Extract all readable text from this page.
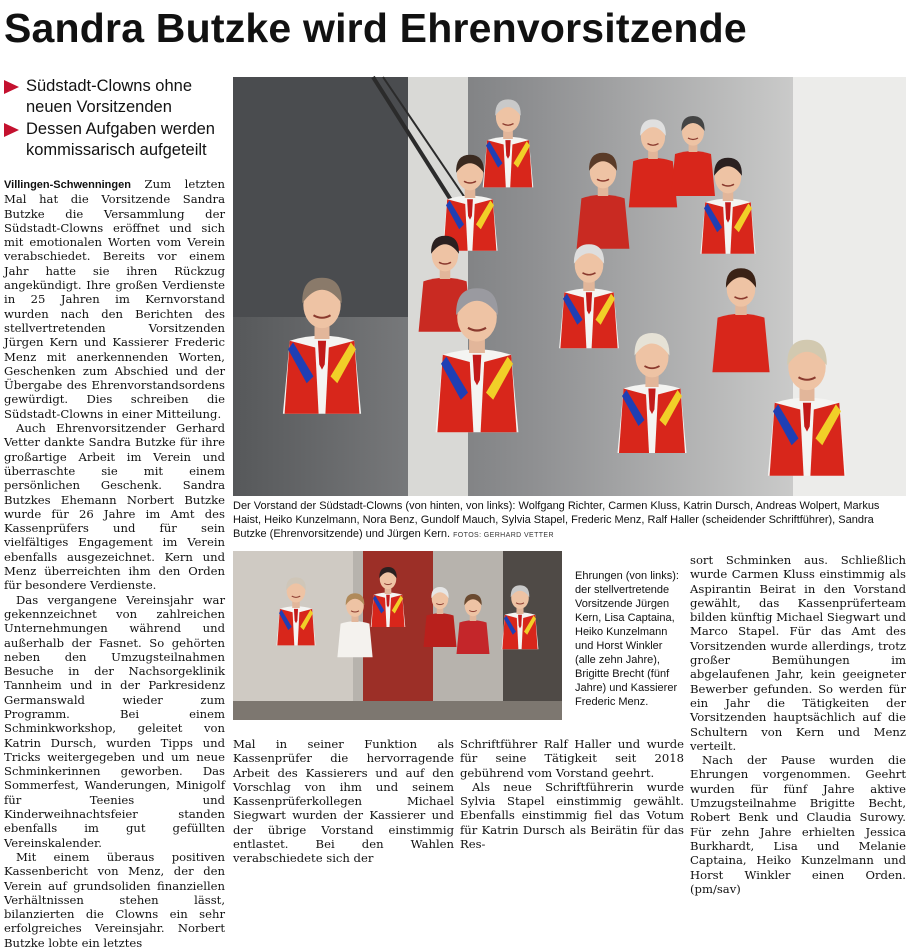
Sandra Butzke wird Ehrenvorsitzende
Südstadt-Clowns ohne neuen Vorsitzenden
Dessen Aufgaben werden kommissarisch aufgeteilt

Villingen-Schwenningen Zum letzten Mal hat die Vorsitzende Sandra Butzke die Versammlung der Südstadt-Clowns eröffnet und sich mit emotionalen Worten vom Verein verabschiedet. Bereits vor einem Jahr hatte sie ihren Rückzug angekündigt. Ihre großen Verdienste in 25 Jahren im Kernvorstand wurden nach den Berichten des stellvertretenden Vorsitzenden Jürgen Kern und Kassierer Frederic Menz mit anerkennenden Worten, Geschenken zum Abschied und der Übergabe des Ehrenvorstandsordens gewürdigt. Dies schreiben die Südstadt-Clowns in einer Mitteilung.

Auch Ehrenvorsitzender Gerhard Vetter dankte Sandra Butzke für ihre großartige Arbeit im Verein und überraschte sie mit einem persönlichen Geschenk. Sandra Butzkes Ehemann Norbert Butzke wurde für 26 Jahre im Amt des Kassenprüfers und für sein vielfältiges Engagement im Verein ebenfalls ausgezeichnet. Kern und Menz überreichten ihm den Orden für besondere Verdienste.

Das vergangene Vereinsjahr war gekennzeichnet von zahlreichen Unternehmungen während und außerhalb der Fasnet. So gehörten neben den Umzugsteilnahmen Besuche in der Nachsorgeklinik Tannheim und in der Parkresidenz Germanswald wieder zum Programm. Bei einem Schminkworkshop, geleitet von Katrin Dursch, wurden Tipps und Tricks weitergegeben und um neue Schminkerinnen geworben. Das Sommerfest, Wanderungen, Minigolf für Teenies und Kinderweihnachtsfeier standen ebenfalls im gut gefüllten Vereinskalender.

Mit einem überaus positiven Kassenbericht von Menz, der den Verein auf grundsoliden finanziellen Verhältnissen stehen lässt, bilanzierten die Clowns ein sehr erfolgreiches Vereinsjahr. Norbert Butzke lobte ein letztes

Der Vorstand der Südstadt-Clowns (von hinten, von links): Wolfgang Richter, Carmen Kluss, Katrin Dursch, Andreas Wolpert, Markus Haist, Heiko Kunzelmann, Nora Benz, Gundolf Mauch, Sylvia Stapel, Frederic Menz, Ralf Haller (scheidender Schriftführer), Sandra Butzke (Ehrenvorsitzende) und Jürgen Kern. FOTOS: GERHARD VETTER
Ehrungen (von links): der stellvertretende Vorsitzende Jürgen Kern, Lisa Captaina, Heiko Kunzelmann und Horst Winkler (alle zehn Jahre), Brigitte Brecht (fünf Jahre) und Kassierer Frederic Menz.

Mal in seiner Funktion als Kassenprüfer die hervorragende Arbeit des Kassierers und auf den Vorschlag von ihm und seinem Kassenprüferkollegen Michael Siegwart wurden der Kassierer und der übrige Vorstand einstimmig entlastet. Bei den Wahlen verabschiedete sich der

Schriftführer Ralf Haller und wurde für seine Tätigkeit seit 2018 gebührend vom Vorstand geehrt.

Als neue Schriftführerin wurde Sylvia Stapel einstimmig gewählt. Ebenfalls einstimmig fiel das Votum für Katrin Dursch als Beirätin für das Res-

sort Schminken aus. Schließlich wurde Carmen Kluss einstimmig als Aspirantin Beirat in den Vorstand gewählt, das Kassenprüferteam bilden künftig Michael Siegwart und Marco Stapel. Für das Amt des Vorsitzenden wurde allerdings, trotz großer Bemühungen im abgelaufenen Jahr, kein geeigneter Bewerber gefunden. So werden für ein Jahr die Tätigkeiten der Vorsitzenden hauptsächlich auf die Schultern von Kern und Menz verteilt.

Nach der Pause wurden die Ehrungen vorgenommen. Geehrt wurden für fünf Jahre aktive Umzugsteilnahme Brigitte Becht, Robert Benk und Claudia Surowy. Für zehn Jahre erhielten Jessica Burkhardt, Lisa und Melanie Captaina, Heiko Kunzelmann und Horst Winkler einen Orden. (pm/sav)
